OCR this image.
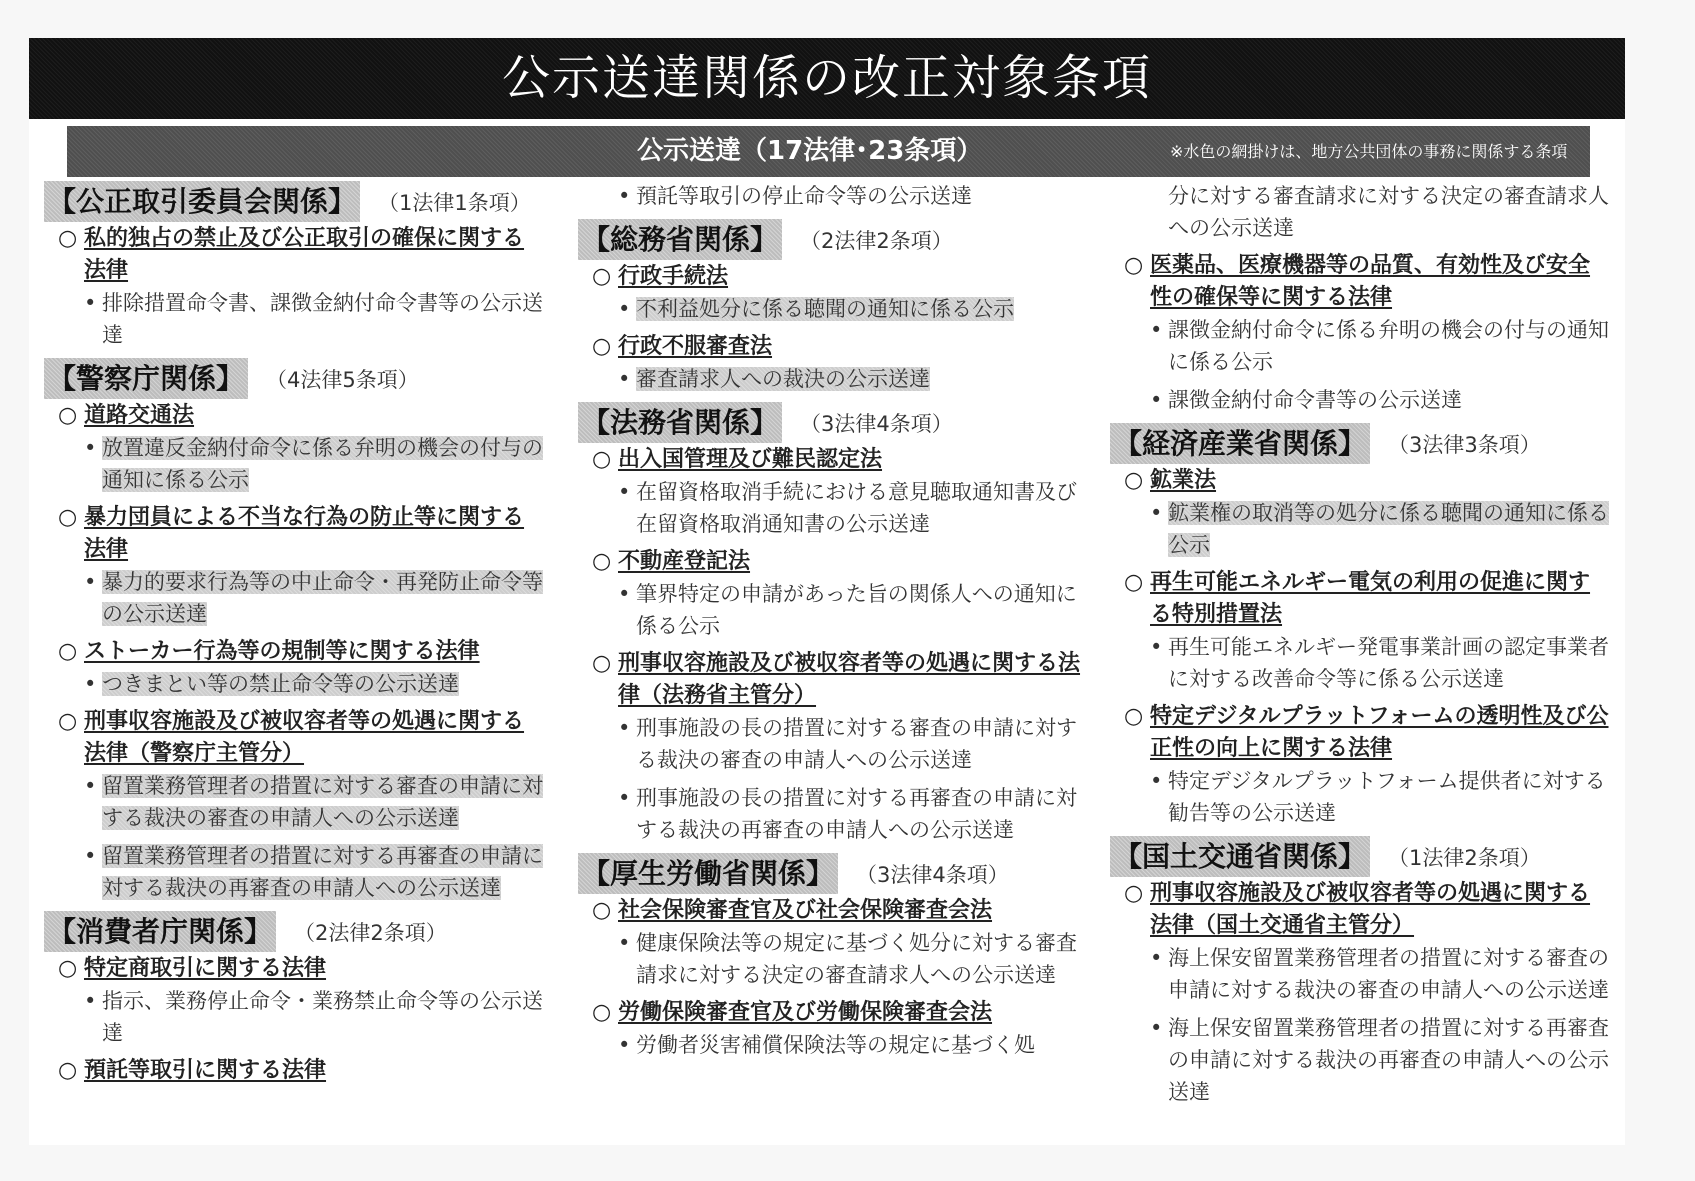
公示送達関係の改正対象条項
公示送達（17法律･23条項）	※水色の網掛けは、地方公共団体の事務に関係する条項
【公正取引委員会関係】 （1法律1条項）
○ 私的独占の禁止及び公正取引の確保に関する法律
• 排除措置命令書、課徴金納付命令書等の公示送達
【警察庁関係】 （4法律5条項）
○ 道路交通法
• 放置違反金納付命令に係る弁明の機会の付与の通知に係る公示
○ 暴力団員による不当な行為の防止等に関する法律
• 暴力的要求行為等の中止命令・再発防止命令等の公示送達
○ ストーカー行為等の規制等に関する法律
• つきまとい等の禁止命令等の公示送達
○ 刑事収容施設及び被収容者等の処遇に関する法律（警察庁主管分）
• 留置業務管理者の措置に対する審査の申請に対する裁決の審査の申請人への公示送達
• 留置業務管理者の措置に対する再審査の申請に対する裁決の再審査の申請人への公示送達
【消費者庁関係】 （2法律2条項）
○ 特定商取引に関する法律
• 指示、業務停止命令・業務禁止命令等の公示送達
○ 預託等取引に関する法律
• 預託等取引の停止命令等の公示送達
【総務省関係】 （2法律2条項）
○ 行政手続法
• 不利益処分に係る聴聞の通知に係る公示
○ 行政不服審査法
• 審査請求人への裁決の公示送達
【法務省関係】 （3法律4条項）
○ 出入国管理及び難民認定法
• 在留資格取消手続における意見聴取通知書及び在留資格取消通知書の公示送達
○ 不動産登記法
• 筆界特定の申請があった旨の関係人への通知に係る公示
○ 刑事収容施設及び被収容者等の処遇に関する法律（法務省主管分）
• 刑事施設の長の措置に対する審査の申請に対する裁決の審査の申請人への公示送達
• 刑事施設の長の措置に対する再審査の申請に対する裁決の再審査の申請人への公示送達
【厚生労働省関係】 （3法律4条項）
○ 社会保険審査官及び社会保険審査会法
• 健康保険法等の規定に基づく処分に対する審査請求に対する決定の審査請求人への公示送達
○ 労働保険審査官及び労働保険審査会法
• 労働者災害補償保険法等の規定に基づく処
分に対する審査請求に対する決定の審査請求人への公示送達
○ 医薬品、医療機器等の品質、有効性及び安全性の確保等に関する法律
• 課徴金納付命令に係る弁明の機会の付与の通知に係る公示
• 課徴金納付命令書等の公示送達
【経済産業省関係】 （3法律3条項）
○ 鉱業法
• 鉱業権の取消等の処分に係る聴聞の通知に係る公示
○ 再生可能エネルギー電気の利用の促進に関する特別措置法
• 再生可能エネルギー発電事業計画の認定事業者に対する改善命令等に係る公示送達
○ 特定デジタルプラットフォームの透明性及び公正性の向上に関する法律
• 特定デジタルプラットフォーム提供者に対する勧告等の公示送達
【国土交通省関係】 （1法律2条項）
○ 刑事収容施設及び被収容者等の処遇に関する法律（国土交通省主管分）
• 海上保安留置業務管理者の措置に対する審査の申請に対する裁決の審査の申請人への公示送達
• 海上保安留置業務管理者の措置に対する再審査の申請に対する裁決の再審査の申請人への公示送達
